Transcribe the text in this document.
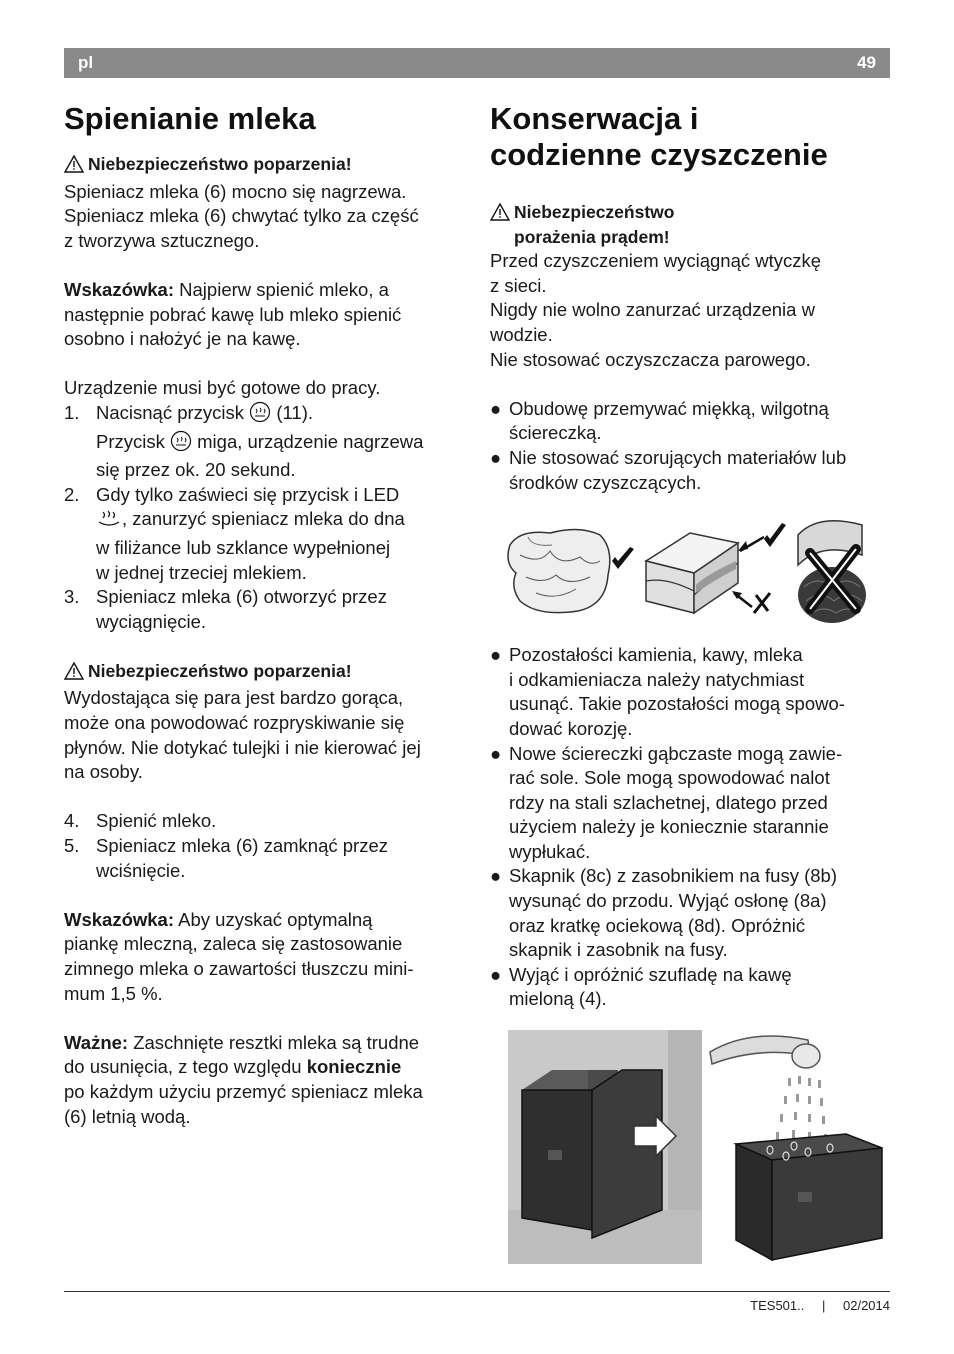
pl	49
Spienianie mleka
Niebezpieczeństwo poparzenia!

Spieniacz mleka (6) mocno się nagrzewa.

Spieniacz mleka (6) chwytać tylko za część

z tworzywa sztucznego.

Wskazówka: Najpierw spienić mleko, a

następnie pobrać kawę lub mleko spienić

osobno i nałożyć je na kawę.

Urządzenie musi być gotowe do pracy.

1. Nacisnąć przycisk  (11).
Przycisk  miga, urządzenie nagrzewa
się przez ok. 20 sekund.
2. Gdy tylko zaświeci się przycisk i LED
, zanurzyć spieniacz mleka do dna
w filiżance lub szklance wypełnionej
w jednej trzeciej mlekiem.
3. Spieniacz mleka (6) otworzyć przez
wyciągnięcie.
Niebezpieczeństwo poparzenia!

Wydostająca się para jest bardzo gorąca,

może ona powodować rozpryskiwanie się

płynów. Nie dotykać tulejki i nie kierować jej

na osoby.

4. Spienić mleko.
5. Spieniacz mleka (6) zamknąć przez
wciśnięcie.

Wskazówka: Aby uzyskać optymalną

piankę mleczną, zaleca się zastosowanie

zimnego mleka o zawartości tłuszczu mini-

mum 1,5 %.

Ważne: Zaschnięte resztki mleka są trudne

do usunięcia, z tego względu koniecznie

po każdym użyciu przemyć spieniacz mleka

(6) letnią wodą.

Konserwacja i
codzienne czyszczenie
Niebezpieczeństwo
porażenia prądem!

Przed czyszczeniem wyciągnąć wtyczkę

z sieci.

Nigdy nie wolno zanurzać urządzenia w

wodzie.

Nie stosować oczyszczacza parowego.

● Obudowę przemywać miękką, wilgotną
ściereczką.
● Nie stosować szorujących materiałów lub
środków czyszczących.
● Pozostałości kamienia, kawy, mleka
i odkamieniacza należy natychmiast
usunąć. Takie pozostałości mogą spowo-
dować korozję.
● Nowe ściereczki gąbczaste mogą zawie-
rać sole. Sole mogą spowodować nalot
rdzy na stali szlachetnej, dlatego przed
użyciem należy je koniecznie starannie
wypłukać.
● Skapnik (8c) z zasobnikiem na fusy (8b)
wysunąć do przodu. Wyjąć osłonę (8a)
oraz kratkę ociekową (8d). Opróżnić
skapnik i zasobnik na fusy.
● Wyjąć i opróżnić szufladę na kawę
mieloną (4).
TES501.. | 02/2014
